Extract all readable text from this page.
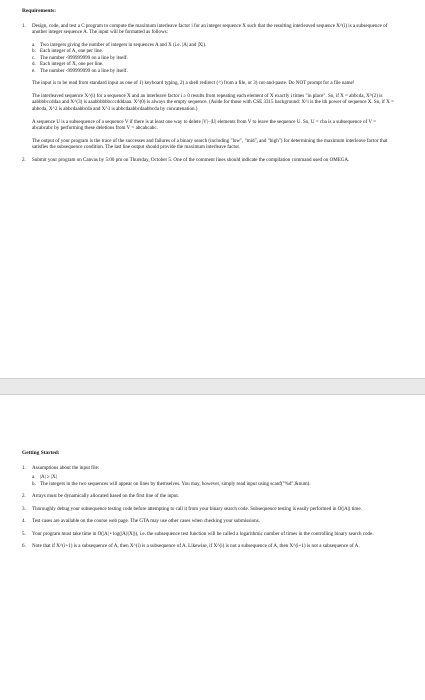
Requirements:
1. Design, code, and test a C program to compute the maximum interleave factor i for an integer sequence X such that the resulting interleaved sequence X^(i) is a subsequence of another integer sequence A. The input will be formatted as follows:
a. Two integers giving the number of integers in sequences A and X (i.e. |A| and |X|).
b. Each integer of A, one per line.
c. The number -999999999 on a line by itself.
d. Each integer of X, one per line.
e. The number -999999999 on a line by itself.
The input is to be read from standard input as one of 1) keyboard typing, 2) a shell redirect (<) from a file, or 3) cut-and-paste. Do NOT prompt for a file name!
The interleaved sequence X^(i) for a sequence X and an interleave factor i ≥ 0 results from repeating each element of X exactly i times "in place". So, if X = abbcda, X^(2) is aabbbbccddaa and X^(3) is aaabbbbbbcccdddaaa. X^(0) is always the empty sequence. (Aside for those with CSE 3315 background: X^i is the ith power of sequence X. So, if X = abbcda, X^2 is abbcdaabbcda and X^3 is abbcdaabbcdaabbcda by concatenation.)
A sequence U is a subsequence of a sequence V if there is at least one way to delete |V|−|U| elements from V to leave the sequence U. So, U = cba is a subsequence of V = abcabcabc by performing these deletions from V = abcabcabc.
The output of your program is the trace of the successes and failures of a binary search (including "low", "mid", and "high") for determining the maximum interleave factor that satisfies the subsequence condition. The last line output should provide the maximum interleave factor.
2. Submit your program on Canvas by 5:00 pm on Thursday, October 5. One of the comment lines should indicate the compilation command used on OMEGA.
Getting Started:
1. Assumptions about the input file:
a. |A| ≥ |X|
b. The integers in the two sequences will appear on lines by themselves. You may, however, simply read input using scanf("%d",&num).
2. Arrays must be dynamically allocated based on the first line of the input.
3. Thoroughly debug your subsequence testing code before attempting to call it from your binary search code. Subsequence testing is easily performed in O(|A|) time.
4. Test cases are available on the course web page. The GTA may use other cases when checking your submissions.
5. Your program must take time in O(|A| • log(|A|/|X|)), i.e. the subsequence test function will be called a logarithmic number of times in the controlling binary search code.
6. Note that if X^(i+1) is a subsequence of A, then X^(i) is a subsequence of A. Likewise, if X^(i) is not a subsequence of A, then X^(i+1) is not a subsequence of A.
